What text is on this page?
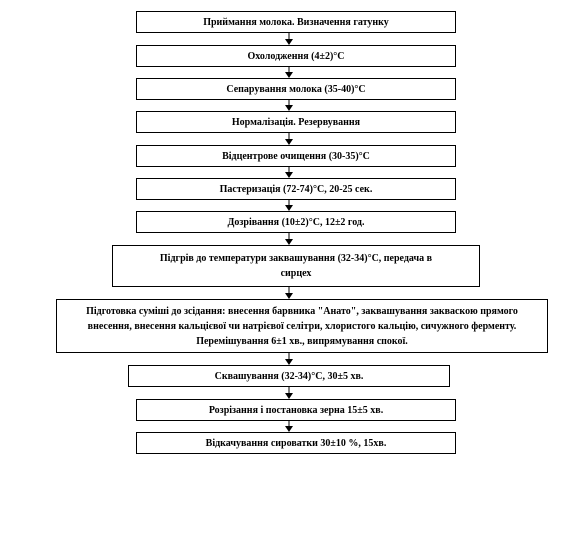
Приймання молока. Визначення гатунку
Охолодження (4±2)°С
Сепарування молока (35-40)°С
Нормалізація. Резервування
Відцентрове очищення (30-35)°С
Пастеризація (72-74)°С, 20-25 сек.
Дозрівання (10±2)°С, 12±2 год.
Підгрів до температури заквашування (32-34)°С, передача в сирцех
Підготовка суміші до зсідання: внесення барвника "Анато", заквашування закваскою прямого внесення, внесення кальцієвої чи натрієвої селітри, хлористого кальцію, сичужного ферменту. Перемішування 6±1 хв., випрямування спокої.
Сквашування (32-34)°С, 30±5 хв.
Розрізання і постановка зерна 15±5 хв.
Відкачування сироватки 30±10 %, 15хв.
